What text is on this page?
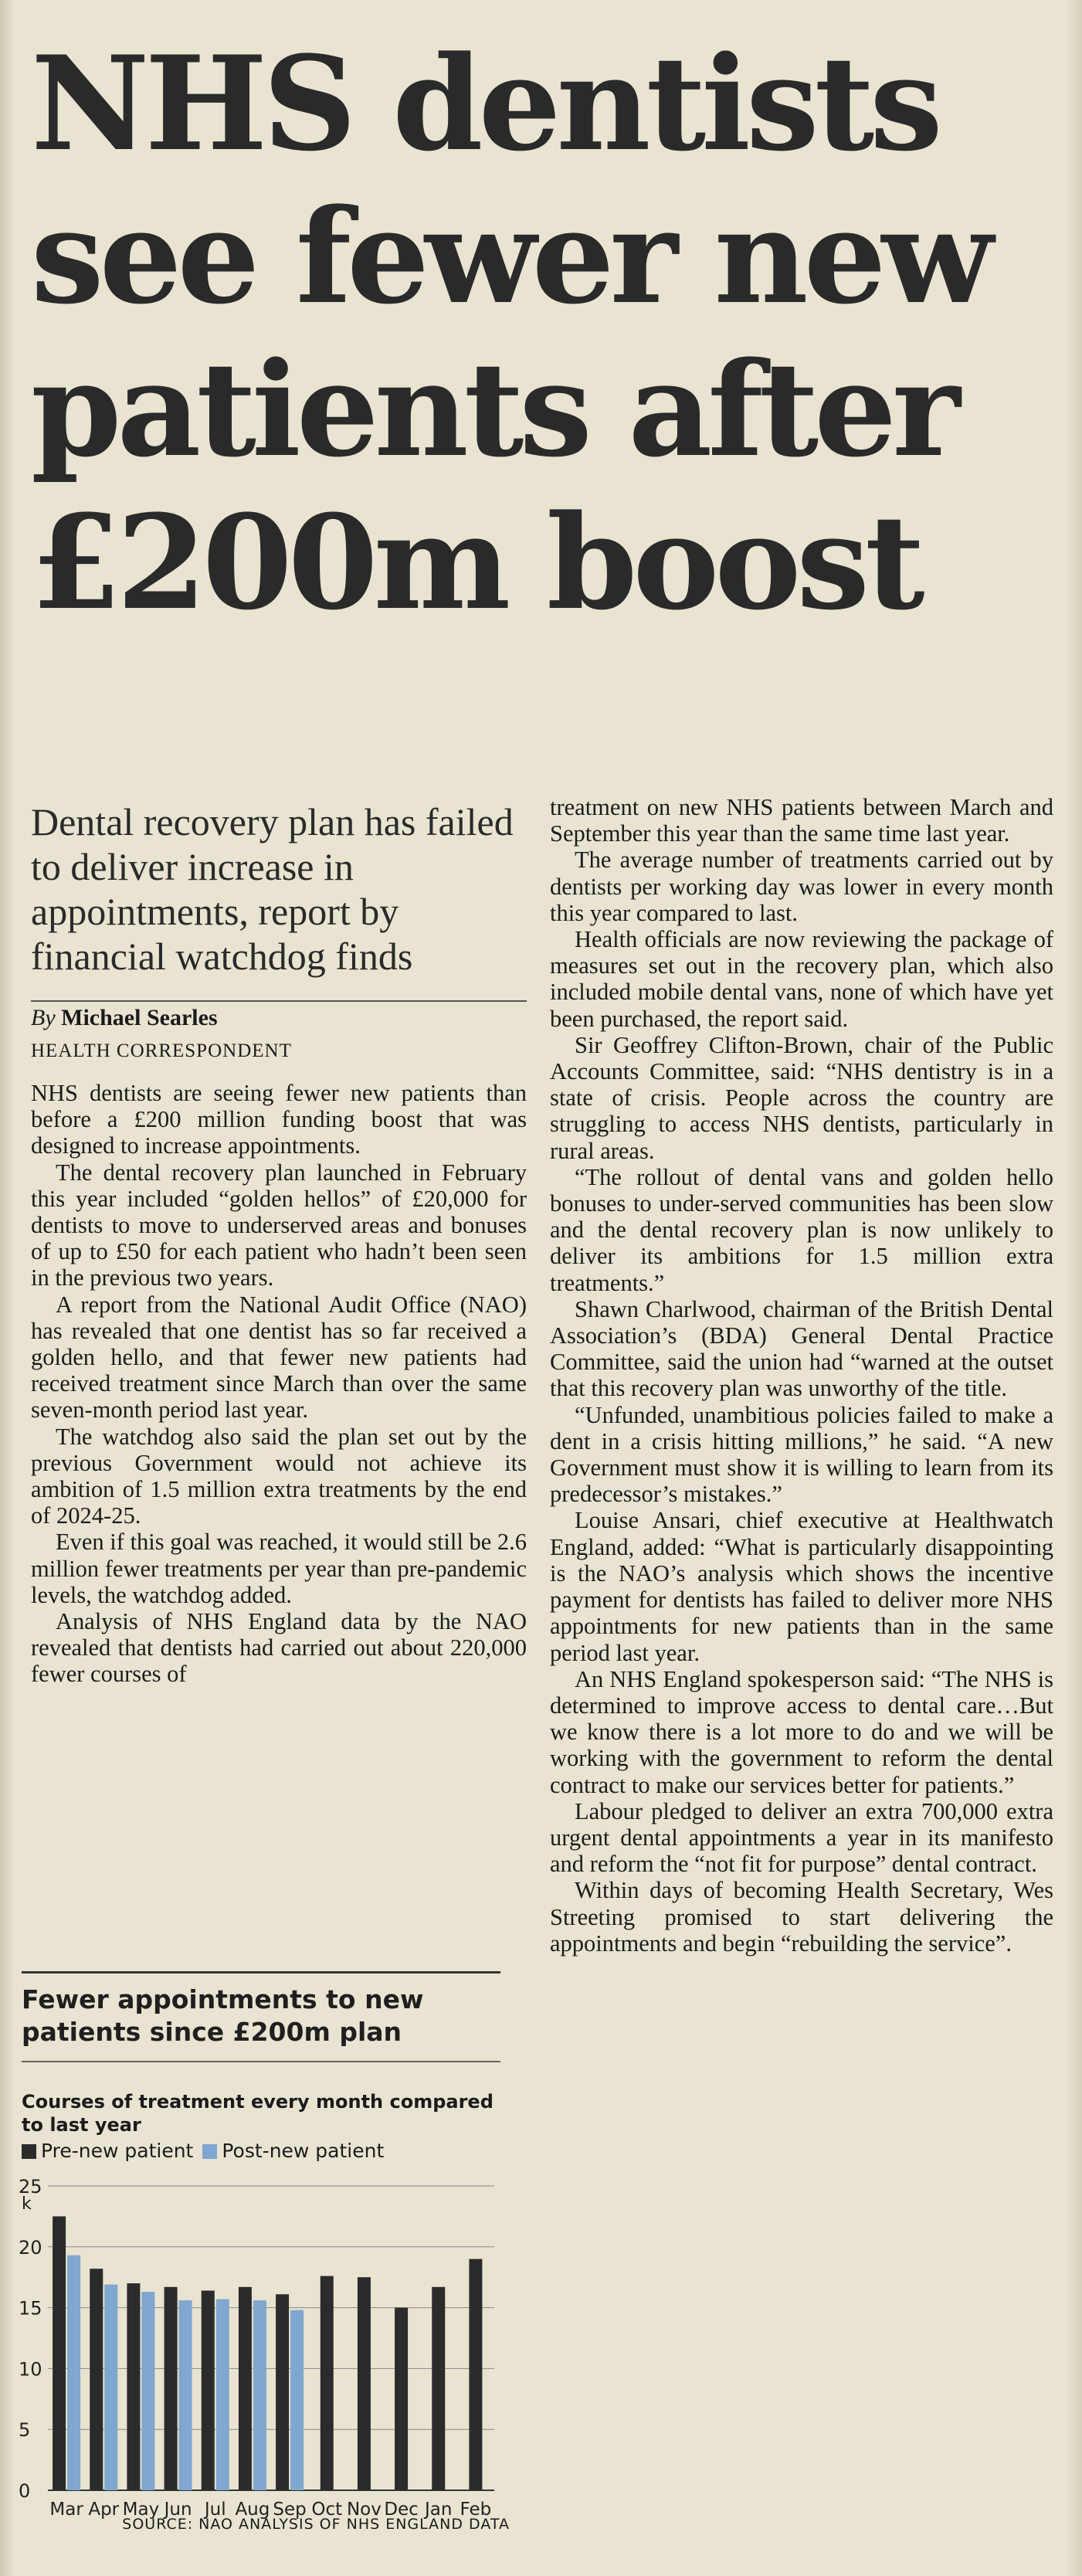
NHS dentists
see fewer new
patients after
£200m boost
Dental recovery plan has failed to deliver increase in appointments, report by financial watchdog finds
By Michael Searles
HEALTH CORRESPONDENT

NHS dentists are seeing fewer new patients than before a £200 million funding boost that was designed to increase appointments.

The dental recovery plan launched in February this year included “golden hellos” of £20,000 for dentists to move to underserved areas and bonuses of up to £50 for each patient who hadn’t been seen in the previous two years.

A report from the National Audit Office (NAO) has revealed that one dentist has so far received a golden hello, and that fewer new patients had received treatment since March than over the same seven-month period last year.

The watchdog also said the plan set out by the previous Government would not achieve its ambition of 1.5 million extra treatments by the end of 2024-25.

Even if this goal was reached, it would still be 2.6 million fewer treatments per year than pre-pandemic levels, the watchdog added.

Analysis of NHS England data by the NAO revealed that dentists had carried out about 220,000 fewer courses of

treatment on new NHS patients between March and September this year than the same time last year.

The average number of treatments carried out by dentists per working day was lower in every month this year compared to last.

Health officials are now reviewing the package of measures set out in the recovery plan, which also included mobile dental vans, none of which have yet been purchased, the report said.

Sir Geoffrey Clifton-Brown, chair of the Public Accounts Committee, said: “NHS dentistry is in a state of crisis. People across the country are struggling to access NHS dentists, particularly in rural areas.

“The rollout of dental vans and golden hello bonuses to under-served communities has been slow and the dental recovery plan is now unlikely to deliver its ambitions for 1.5 million extra treatments.”

Shawn Charlwood, chairman of the British Dental Association’s (BDA) General Dental Practice Committee, said the union had “warned at the outset that this recovery plan was unworthy of the title.

“Unfunded, unambitious policies failed to make a dent in a crisis hitting millions,” he said. “A new Government must show it is willing to learn from its predecessor’s mistakes.”

Louise Ansari, chief executive at Healthwatch England, added: “What is particularly disappointing is the NAO’s analysis which shows the incentive payment for dentists has failed to deliver more NHS appointments for new patients than in the same period last year.

An NHS England spokesperson said: “The NHS is determined to improve access to dental care…But we know there is a lot more to do and we will be working with the government to reform the dental contract to make our services better for patients.”

Labour pledged to deliver an extra 700,000 extra urgent dental appointments a year in its manifesto and reform the “not fit for purpose” dental contract.

Within days of becoming Health Secretary, Wes Streeting promised to start delivering the appointments and begin “rebuilding the service”.

Fewer appointments to new patients since £200m plan
Courses of treatment every month compared to last year
Pre-new patient Post-new patient
0
5
10
15
20
25
k
Mar Apr May Jun Jul Aug Sep Oct Nov Dec Jan Feb
SOURCE: NAO ANALYSIS OF NHS ENGLAND DATA
